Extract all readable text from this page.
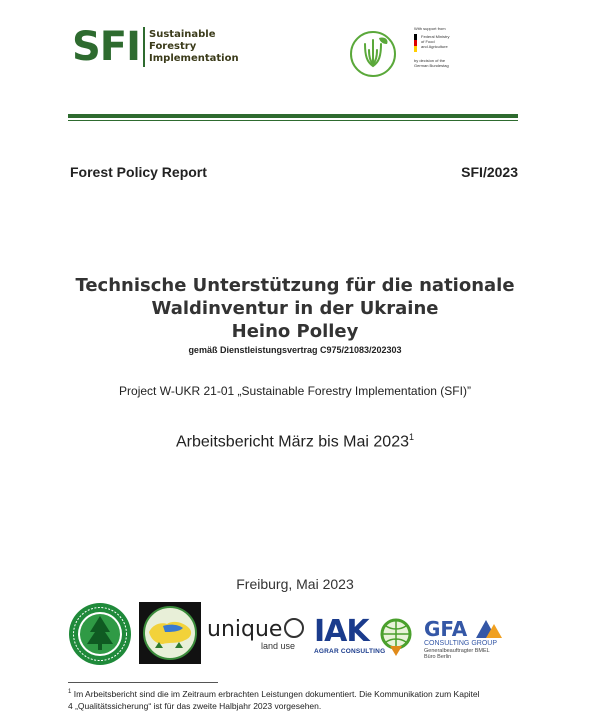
SFI Sustainable
Forestry
Implementation
With support from
Federal Ministry
of Food
and Agriculture
by decision of the
German Bundestag
Forest Policy Report	SFI/2023
Technische Unterstützung für die nationale
Waldinventur in der Ukraine
Heino Polley
gemäß Dienstleistungsvertrag C975/21083/202303
Project W-UKR 21-01 „Sustainable Forestry Implementation (SFI)”
Arbeitsbericht März bis Mai 2023$^1$
Freiburg, Mai 2023
unique
land use IAK
AGRAR CONSULTING
GFA
CONSULTING GROUP
Generalbeauftragter BMEL
Büro Berlin
$^1$ Im Arbeitsbericht sind die im Zeitraum erbrachten Leistungen dokumentiert. Die Kommunikation zum Kapitel
4 „Qualitätssicherung“ ist für das zweite Halbjahr 2023 vorgesehen.
